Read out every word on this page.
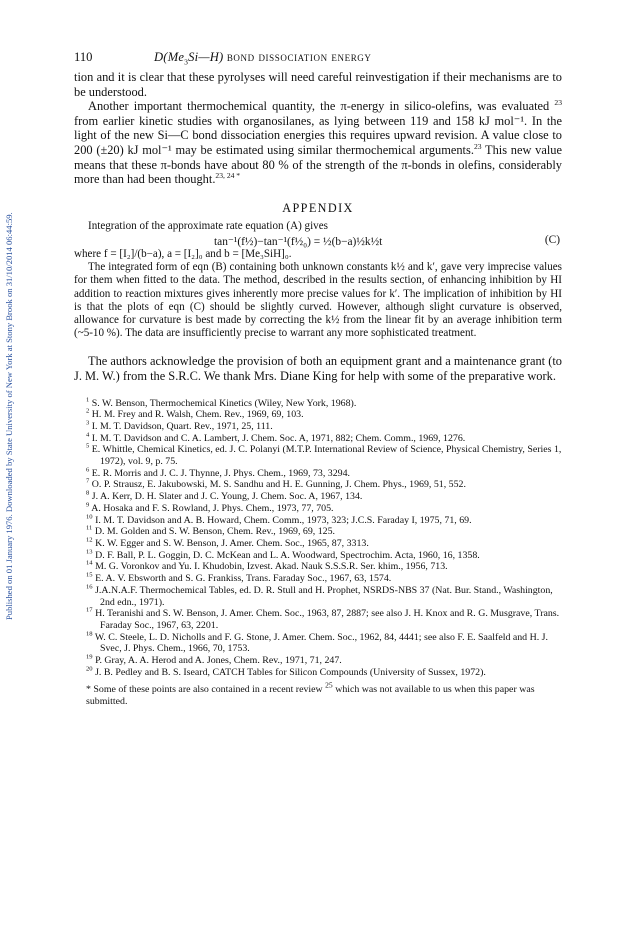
Published on 01 January 1976. Downloaded by State University of New York at Stony Brook on 31/10/2014 06:44:59.
110	$D(Me_3Si—H)$ bond dissociation energy

tion and it is clear that these pyrolyses will need careful reinvestigation if their mechanisms are to be understood.

Another important thermochemical quantity, the π-energy in silico-olefins, was evaluated $^{23}$ from earlier kinetic studies with organosilanes, as lying between 119 and 158 kJ mol⁻¹. In the light of the new Si—C bond dissociation energies this requires upward revision. A value close to 200 (±20) kJ mol⁻¹ may be estimated using similar thermochemical arguments.$^{23}$ This new value means that these π-bonds have about 80 % of the strength of the π-bonds in olefins, considerably more than had been thought.$^{23, 24 *}$

APPENDIX

Integration of the approximate rate equation (A) gives

tan⁻¹(f½)−tan⁻¹(f½₀) = ½(b−a)½k½t	(C)

where f = [I₂]/(b−a), a = [I₂]₀ and b = [Me₃SiH]₀.

The integrated form of eqn (B) containing both unknown constants k½ and k′, gave very imprecise values for them when fitted to the data. The method, described in the results section, of enhancing inhibition by HI addition to reaction mixtures gives inherently more precise values for k′. The implication of inhibition by HI is that the plots of eqn (C) should be slightly curved. However, although slight curvature is observed, allowance for curvature is best made by correcting the k½ from the linear fit by an average inhibition term (~5-10 %). The data are insufficiently precise to warrant any more sophisticated treatment.

The authors acknowledge the provision of both an equipment grant and a maintenance grant (to J. M. W.) from the S.R.C. We thank Mrs. Diane King for help with some of the preparative work.

$^1$ S. W. Benson, Thermochemical Kinetics (Wiley, New York, 1968).
$^2$ H. M. Frey and R. Walsh, Chem. Rev., 1969, 69, 103.
$^3$ I. M. T. Davidson, Quart. Rev., 1971, 25, 111.
$^4$ I. M. T. Davidson and C. A. Lambert, J. Chem. Soc. A, 1971, 882; Chem. Comm., 1969, 1276.
$^5$ E. Whittle, Chemical Kinetics, ed. J. C. Polanyi (M.T.P. International Review of Science, Physical Chemistry, Series 1, 1972), vol. 9, p. 75.
$^6$ E. R. Morris and J. C. J. Thynne, J. Phys. Chem., 1969, 73, 3294.
$^7$ O. P. Strausz, E. Jakubowski, M. S. Sandhu and H. E. Gunning, J. Chem. Phys., 1969, 51, 552.
$^8$ J. A. Kerr, D. H. Slater and J. C. Young, J. Chem. Soc. A, 1967, 134.
$^9$ A. Hosaka and F. S. Rowland, J. Phys. Chem., 1973, 77, 705.
$^{10}$ I. M. T. Davidson and A. B. Howard, Chem. Comm., 1973, 323; J.C.S. Faraday I, 1975, 71, 69.
$^{11}$ D. M. Golden and S. W. Benson, Chem. Rev., 1969, 69, 125.
$^{12}$ K. W. Egger and S. W. Benson, J. Amer. Chem. Soc., 1965, 87, 3313.
$^{13}$ D. F. Ball, P. L. Goggin, D. C. McKean and L. A. Woodward, Spectrochim. Acta, 1960, 16, 1358.
$^{14}$ M. G. Voronkov and Yu. I. Khudobin, Izvest. Akad. Nauk S.S.S.R. Ser. khim., 1956, 713.
$^{15}$ E. A. V. Ebsworth and S. G. Frankiss, Trans. Faraday Soc., 1967, 63, 1574.
$^{16}$ J.A.N.A.F. Thermochemical Tables, ed. D. R. Stull and H. Prophet, NSRDS-NBS 37 (Nat. Bur. Stand., Washington, 2nd edn., 1971).
$^{17}$ H. Teranishi and S. W. Benson, J. Amer. Chem. Soc., 1963, 87, 2887; see also J. H. Knox and R. G. Musgrave, Trans. Faraday Soc., 1967, 63, 2201.
$^{18}$ W. C. Steele, L. D. Nicholls and F. G. Stone, J. Amer. Chem. Soc., 1962, 84, 4441; see also F. E. Saalfeld and H. J. Svec, J. Phys. Chem., 1966, 70, 1753.
$^{19}$ P. Gray, A. A. Herod and A. Jones, Chem. Rev., 1971, 71, 247.
$^{20}$ J. B. Pedley and B. S. Iseard, CATCH Tables for Silicon Compounds (University of Sussex, 1972).

* Some of these points are also contained in a recent review $^{25}$ which was not available to us when this paper was submitted.
